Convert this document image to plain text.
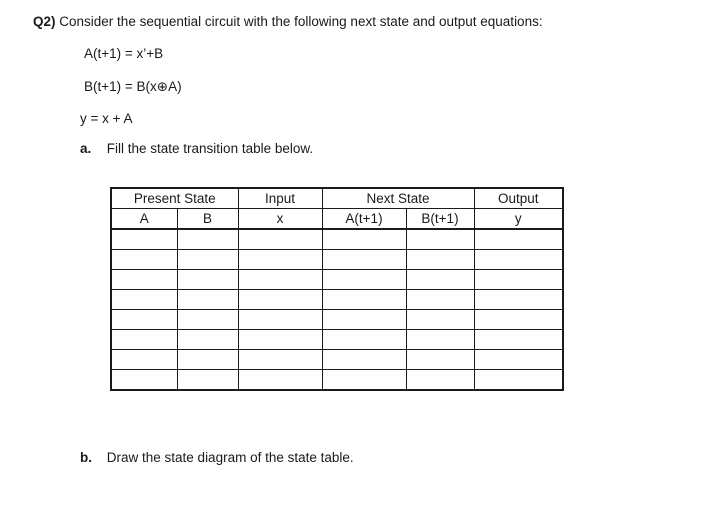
Q2) Consider the sequential circuit with the following next state and output equations:
A(t+1) = x’+B
B(t+1) = B(x⊕A)
y = x + A
a. Fill the state transition table below.
Present State		Input	Next State		Output
A	B	x	A(t+1)	B(t+1)	y

b. Draw the state diagram of the state table.
